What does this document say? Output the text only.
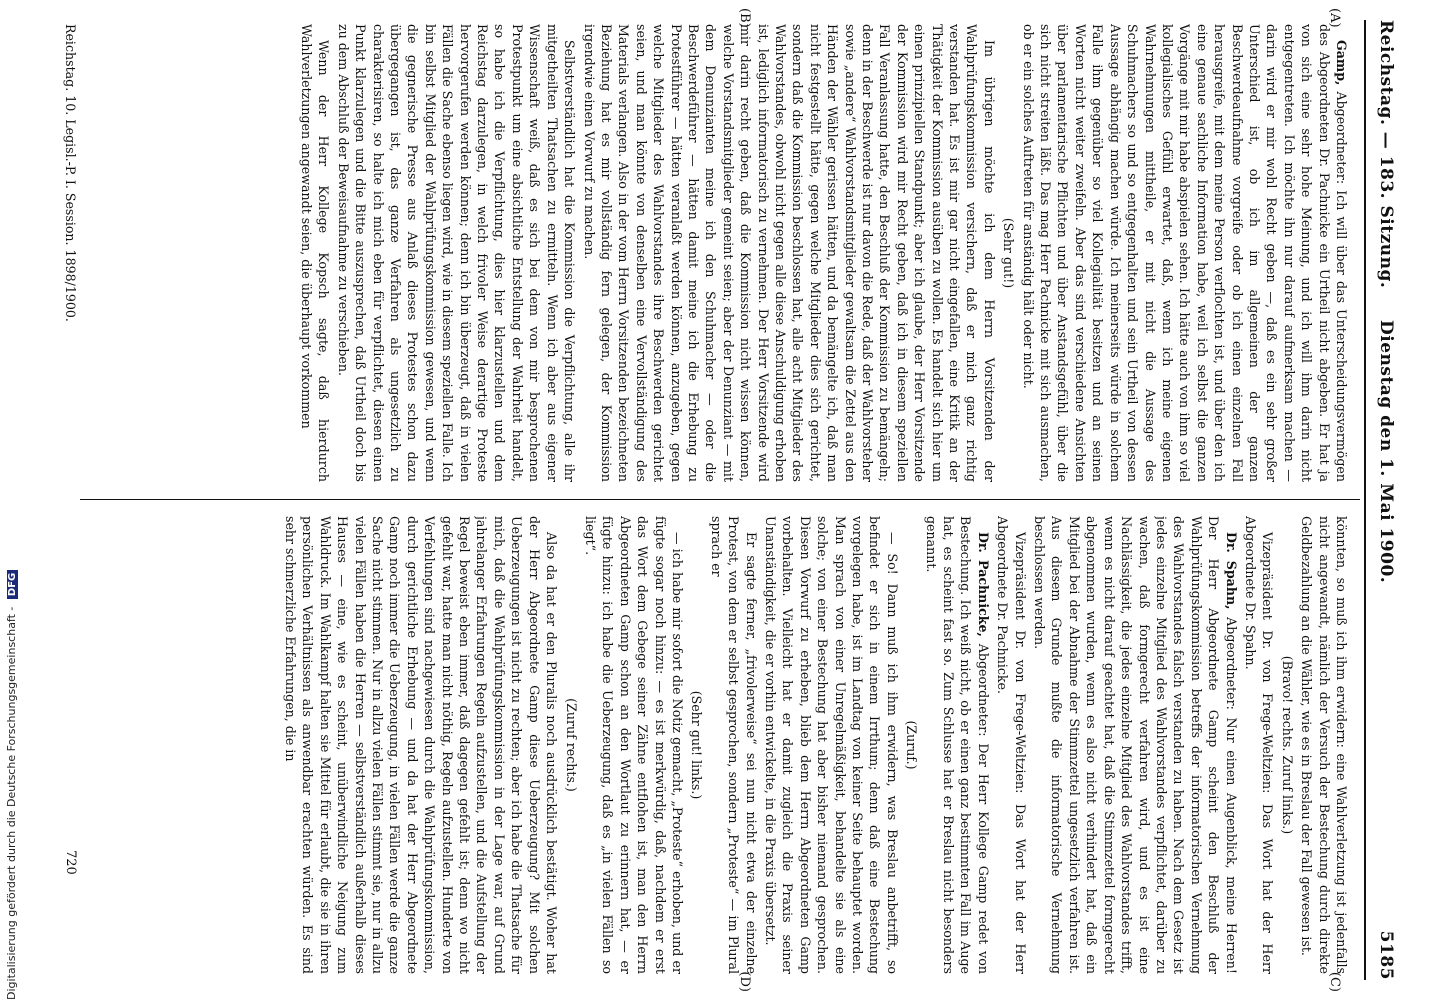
Reichstag. — 183. Sitzung.
Dienstag den 1. Mai 1900.
5185
(A)
(B)
(C)
(D)

Gamp, Abgeordneter: Ich will über das Unterscheidungsvermögen des Abgeordneten Dr. Pachnicke ein Urtheil nicht abgeben. Er hat ja von sich eine sehr hohe Meinung, und ich will ihm darin nicht entgegentreten. Ich möchte ihn nur darauf aufmerksam machen — darin wird er mir wohl Recht geben —, daß es ein sehr großer Unterschied ist, ob ich im allgemeinen der ganzen Beschwerdeaufnahme vorgreife oder ob ich einen einzelnen Fall herausgreife, mit dem meine Person verflochten ist, und über den ich eine genaue sachliche Information habe, weil ich selbst die ganzen Vorgänge mit mir habe abspielen sehen. Ich hätte auch von ihm so viel kollegialisches Gefühl erwartet, daß, wenn ich meine eigenen Wahrnehmungen mittheile, er mit nicht die Aussage des Schuhmachers so und so entgegenhalten und sein Urtheil von dessen Aussage abhängig machen würde. Ich meinerseits würde in solchem Falle ihm gegenüber so viel Kollegialität besitzen und an seinen Worten nicht weiter zweifeln. Aber das sind verschiedene Ansichten über parlamentarische Pflichten und über Anstandsgefühl, über die sich nicht streiten läßt. Das mag Herr Pachnicke mit sich ausmachen, ob er ein solches Auftreten für anständig hält oder nicht.

(Sehr gut!)

Im übrigen möchte ich dem Herrn Vorsitzenden der Wahlprüfungskommission versichern, daß er mich ganz richtig verstanden hat. Es ist mir gar nicht eingefallen, eine Kritik an der Thätigkeit der Kommission ausüben zu wollen. Es handelt sich hier um einen prinzipiellen Standpunkt; aber ich glaube, der Herr Vorsitzende der Kommission wird mir Recht geben, daß ich in diesem speziellen Fall Veranlassung hatte, den Beschluß der Kommission zu bemängeln; denn in der Beschwerde ist nur davon die Rede, daß der Wahlvorsteher sowie „andere“ Wahlvorstandsmitglieder gewaltsam die Zettel aus den Händen der Wähler gerissen hätten, und da bemängelte ich, daß man nicht festgestellt hätte, gegen welche Mitglieder dies sich gerichtet, sondern daß die Kommission beschlossen hat, alle acht Mitglieder des Wahlvorstandes, obwohl nicht gegen alle diese Anschuldigung erhoben ist, lediglich informatorisch zu vernehmen. Der Herr Vorsitzende wird mir darin recht geben, daß die Kommission nicht wissen können, welche Vorstandsmitglieder gemeint seien; aber der Denunziant — mit dem Denunzianten meine ich den Schuhmacher — oder die Beschwerdeführer — hätten damit meine ich die Erhebung zu Protestführer — hätten veranlaßt werden können, anzugeben, gegen welche Mitglieder des Wahlvorstandes ihre Beschwerden gerichtet seien, und man könnte von denselben eine Vervollständigung des Materials verlangen. Also in der vom Herrn Vorsitzenden bezeichneten Beziehung hat es mir vollständig fern gelegen, der Kommission irgendwie einen Vorwurf zu machen.

Selbstverständlich hat die Kommission die Verpflichtung, alle ihr mitgetheilten Thatsachen zu ermitteln. Wenn ich aber aus eigener Wissenschaft weiß, daß es sich bei dem von mir besprochenen Protestpunkt um eine absichtliche Entstellung der Wahrheit handelt, so habe ich die Verpflichtung, dies hier klarzustellen und dem Reichstag darzulegen, in welch frivoler Weise derartige Proteste hervorgerufen werden können; denn ich bin überzeugt, daß in vielen Fällen die Sache ebenso liegen wird, wie in diesem speziellen Falle. Ich bin selbst Mitglied der Wahlprüfungskommission gewesen, und wenn die gegnerische Presse aus Anlaß dieses Protestes schon dazu übergegangen ist, das ganze Verfahren als ungesetzlich zu charakterisiren, so halte ich mich eben für verpflichtet, diesen einen Punkt klarzulegen und die Bitte auszusprechen, daß Urtheil doch bis zu dem Abschluß der Beweisaufnahme zu verschieben.

Wenn der Herr Kollege Kopsch sagte, daß hierdurch Wahlverletzungen angewandt seien, die überhaupt vorkommen

könnten, so muß ich ihm erwidern: eine Wahlverletzung ist jedenfalls nicht angewandt, nämlich der Versuch der Bestechung durch direkte Geldbezahlung an die Wähler, wie es in Breslau der Fall gewesen ist.

(Bravo! rechts. Zuruf links.)

Vizepräsident Dr. von Frege-Weltzien: Das Wort hat der Herr Abgeordnete Dr. Spahn.

Dr. Spahn, Abgeordneter: Nur einen Augenblick, meine Herren! Der Herr Abgeordnete Gamp scheint den Beschluß der Wahlprüfungskommission betreffs der informatorischen Vernehmung des Wahlvorstandes falsch verstanden zu haben. Nach dem Gesetz ist jedes einzelne Mitglied des Wahlvorstandes verpflichtet, darüber zu wachen, daß formgerecht verfahren wird, und es ist eine Nachlässigkeit, die jedes einzelne Mitglied des Wahlvorstandes trifft, wenn es nicht darauf geachtet hat, daß die Stimmzettel formgerecht abgenommen wurden, wenn es also nicht verhindert hat, daß ein Mitglied bei der Abnahme der Stimmzettel ungesetzlich verfahren ist. Aus diesem Grunde mußte die informatorische Vernehmung beschlossen werden.

Vizepräsident Dr. von Frege-Weltzien: Das Wort hat der Herr Abgeordnete Dr. Pachnicke.

Dr. Pachnicke, Abgeordneter: Der Herr Kollege Gamp redet von Bestechung. Ich weiß nicht, ob er einen ganz bestimmten Fall im Auge hat, es scheint fast so. Zum Schlusse hat er Breslau nicht besonders genannt.

(Zuruf.)

— So! Dann muß ich ihm erwidern, was Breslau anbetrifft, so befindet er sich in einem Irrthum; denn daß eine Bestechung vorgelegen habe, ist im Landtag von keiner Seite behauptet worden. Man sprach von einer Unregelmäßigkeit, behandelte sie als eine solche; von einer Bestechung hat aber bisher niemand gesprochen. Diesen Vorwurf zu erheben, blieb dem Herrn Abgeordneten Gamp vorbehalten. Vielleicht hat er damit zugleich die Praxis seiner Unanständigkeit, die er vorhin entwickelte, in die Praxis übersetzt.

Er sagte ferner, „frivolerweise“ sei nun nicht etwa der einzelne Protest, von dem er selbst gesprochen, sondern „Proteste“ — im Plural sprach er

(Sehr gut! links.)

— ich habe mir sofort die Notiz gemacht, „Proteste“ erhoben, und er fügte sogar noch hinzu: — es ist merkwürdig, daß, nachdem er erst das Wort dem Gebege seiner Zähne entflohen ist, man den Herrn Abgeordneten Gamp schon an den Wortlaut zu erinnern hat, — er fügte hinzu: ich habe die Ueberzeugung, daß es „in vielen Fällen so liegt“.

(Zuruf rechts.)

Also da hat er den Pluralis noch ausdrücklich bestätigt. Woher hat der Herr Abgeordnete Gamp diese Ueberzeugung? Mit solchen Ueberzeugungen ist nicht zu rechten; aber ich habe die Thatsache für mich, daß die Wahlprüfungskommission in der Lage war, auf Grund jahrelanger Erfahrungen Regeln aufzustellen, und die Aufstellung der Regel beweist eben immer, daß dagegen gefehlt ist; denn wo nicht gefehlt war, hatte man nicht nöthig, Regeln aufzustellen. Hunderte von Verfehlungen sind nachgewiesen durch die Wahlprüfungskommission, durch gerichtliche Erhebung — und da hat der Herr Abgeordnete Gamp noch immer die Ueberzeugung, in vielen Fällen werde die ganze Sache nicht stimmen. Nur in allzu vielen Fällen stimmt sie, nur in allzu vielen Fällen haben die Herren — selbstverständlich außerhalb dieses Hauses — eine, wie es scheint, unüberwindliche Neigung zum Wahldruck. Im Wahlkampf halten sie Mittel für erlaubt, die sie in ihren persönlichen Verhältnissen als anwendbar erachten würden. Es sind sehr schmerzliche Erfahrungen, die in

Reichstag. 10. Legisl.-P. I. Session. 1898/1900.
720
Digitalisierung gefördert durch die Deutsche Forschungsgemeinschaft - DFG
